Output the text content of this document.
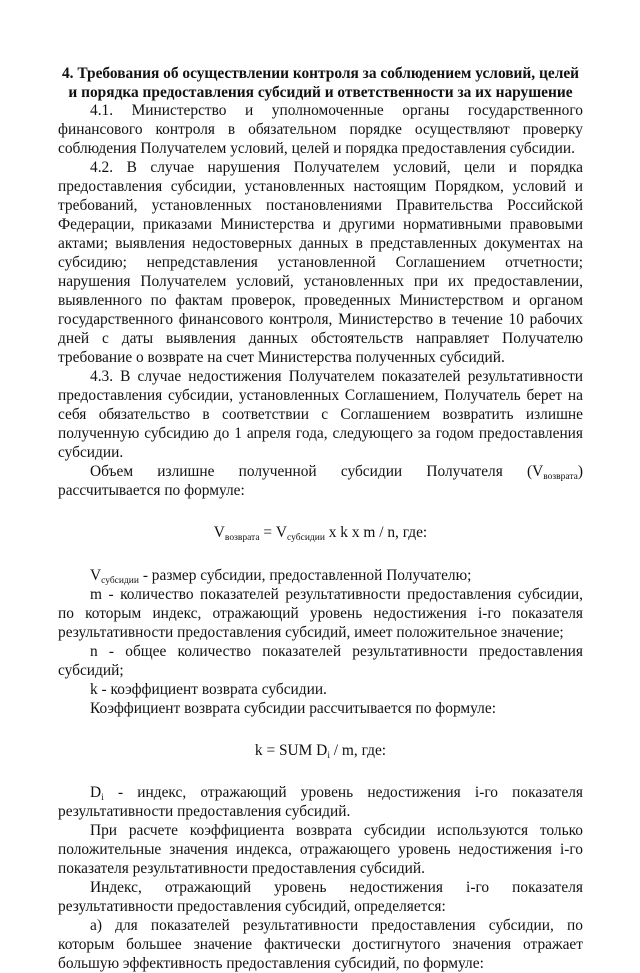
4. Требования об осуществлении контроля за соблюдением условий, целей и порядка предоставления субсидий и ответственности за их нарушение

4.1. Министерство и уполномоченные органы государственного финансового контроля в обязательном порядке осуществляют проверку соблюдения Получателем условий, целей и порядка предоставления субсидии.

4.2. В случае нарушения Получателем условий, цели и порядка предоставления субсидии, установленных настоящим Порядком, условий и требований, установленных постановлениями Правительства Российской Федерации, приказами Министерства и другими нормативными правовыми актами; выявления недостоверных данных в представленных документах на субсидию; непредставления установленной Соглашением отчетности; нарушения Получателем условий, установленных при их предоставлении, выявленного по фактам проверок, проведенных Министерством и органом государственного финансового контроля, Министерство в течение 10 рабочих дней с даты выявления данных обстоятельств направляет Получателю требование о возврате на счет Министерства полученных субсидий.

4.3. В случае недостижения Получателем показателей результативности предоставления субсидии, установленных Соглашением, Получатель берет на себя обязательство в соответствии с Соглашением возвратить излишне полученную субсидию до 1 апреля года, следующего за годом предоставления субсидии.

Объем излишне полученной субсидии Получателя $(V_{возврата})$ рассчитывается по формуле:

$V_{возврата} = V_{субсидии}$ x k x m / n, где:

$V_{субсидии}$ - размер субсидии, предоставленной Получателю;

m - количество показателей результативности предоставления субсидии, по которым индекс, отражающий уровень недостижения i-го показателя результативности предоставления субсидий, имеет положительное значение;

n - общее количество показателей результативности предоставления субсидий;

k - коэффициент возврата субсидии.

Коэффициент возврата субсидии рассчитывается по формуле:

k = SUM $D_i$ / m, где:

$D_i$ - индекс, отражающий уровень недостижения i-го показателя результативности предоставления субсидий.

При расчете коэффициента возврата субсидии используются только положительные значения индекса, отражающего уровень недостижения i-го показателя результативности предоставления субсидий.

Индекс, отражающий уровень недостижения i-го показателя результативности предоставления субсидий, определяется:

а) для показателей результативности предоставления субсидии, по которым большее значение фактически достигнутого значения отражает большую эффективность предоставления субсидий, по формуле:
